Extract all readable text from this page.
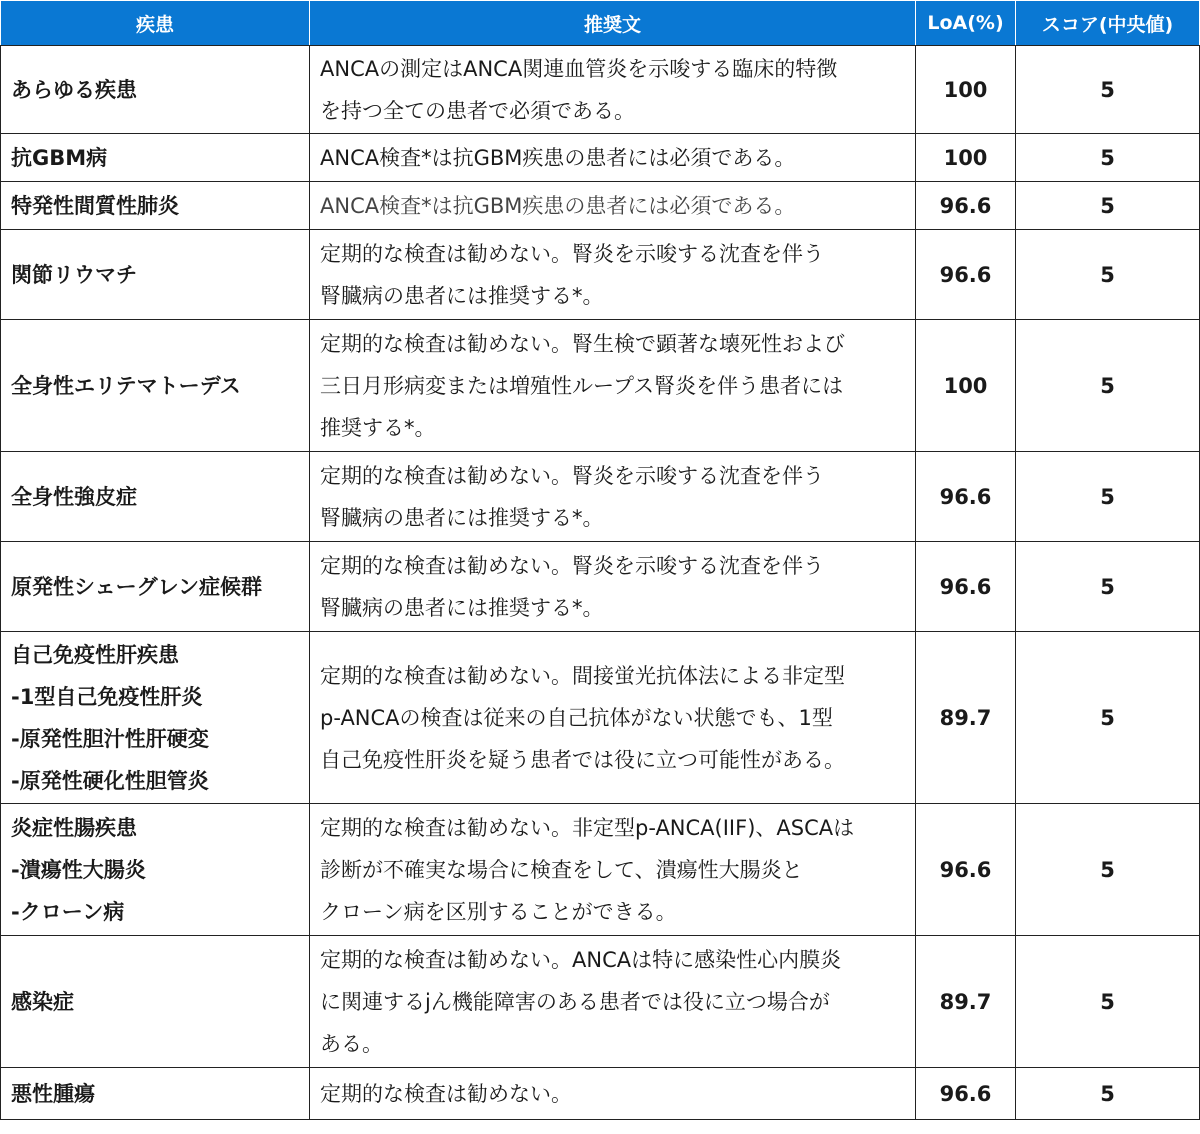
疾患	推奨文	LoA(%)	スコア(中央値)

あらゆる疾患	ANCAの測定はANCA関連血管炎を示唆する臨床的特徴
を持つ全ての患者で必須である。	100	5

抗GBM病	ANCA検査*は抗GBM疾患の患者には必須である。	100	5

特発性間質性肺炎	ANCA検査*は抗GBM疾患の患者には必須である。	96.6	5

関節リウマチ	定期的な検査は勧めない。腎炎を示唆する沈査を伴う
腎臓病の患者には推奨する*。	96.6	5

全身性エリテマトーデス	定期的な検査は勧めない。腎生検で顕著な壊死性および
三日月形病変または増殖性ループス腎炎を伴う患者には
推奨する*。	100	5

全身性強皮症	定期的な検査は勧めない。腎炎を示唆する沈査を伴う
腎臓病の患者には推奨する*。	96.6	5

原発性シェーグレン症候群	定期的な検査は勧めない。腎炎を示唆する沈査を伴う
腎臓病の患者には推奨する*。	96.6	5

自己免疫性肝疾患
-1型自己免疫性肝炎
-原発性胆汁性肝硬変
-原発性硬化性胆管炎	定期的な検査は勧めない。間接蛍光抗体法による非定型
p-ANCAの検査は従来の自己抗体がない状態でも、1型
自己免疫性肝炎を疑う患者では役に立つ可能性がある。	89.7	5

炎症性腸疾患
-潰瘍性大腸炎
-クローン病	定期的な検査は勧めない。非定型p-ANCA(IIF)、ASCAは
診断が不確実な場合に検査をして、潰瘍性大腸炎と
クローン病を区別することができる。	96.6	5

感染症	定期的な検査は勧めない。ANCAは特に感染性心内膜炎
に関連するjん機能障害のある患者では役に立つ場合が
ある。	89.7	5

悪性腫瘍	定期的な検査は勧めない。	96.6	5
